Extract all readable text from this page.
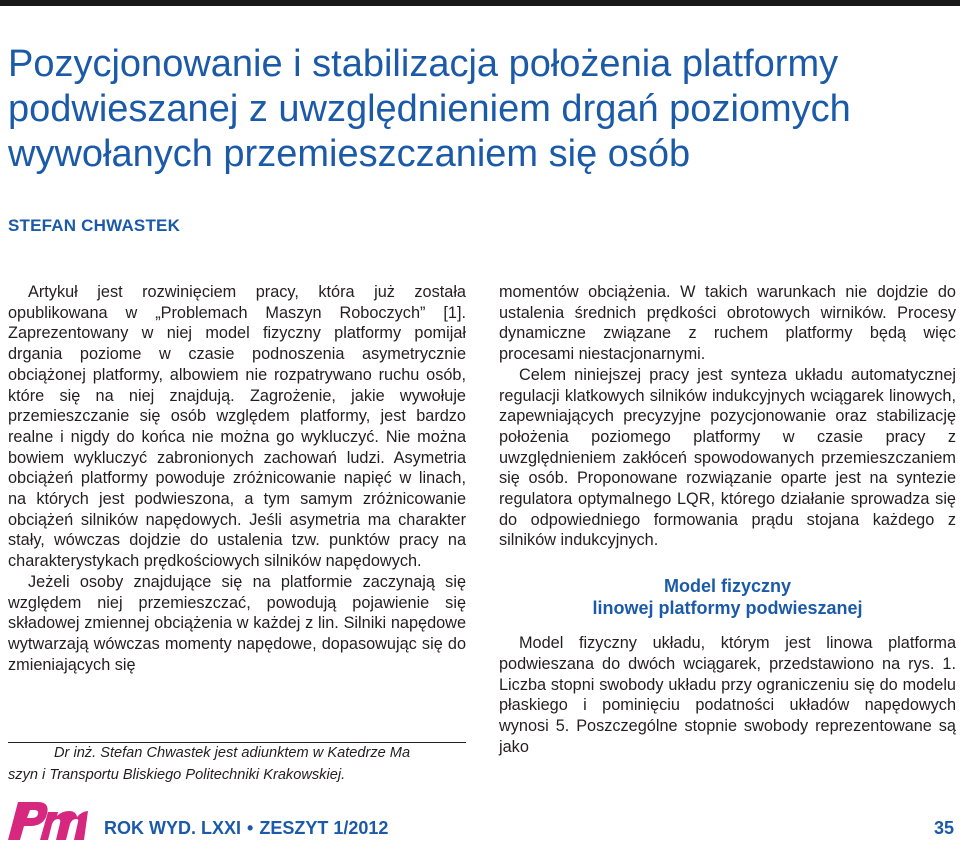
Pozycjonowanie i stabilizacja położenia platformy
podwieszanej z uwzględnieniem drgań poziomych
wywołanych przemieszczaniem się osób
STEFAN CHWASTEK

Artykuł jest rozwinięciem pracy, która już została opublikowana w „Problemach Maszyn Roboczych” [1]. Zaprezentowany w niej model fizyczny platformy pomijał drgania poziome w czasie podnoszenia asymetrycznie obciążonej platformy, albowiem nie rozpatrywano ruchu osób, które się na niej znajdują. Zagrożenie, jakie wywołuje przemieszczanie się osób względem platformy, jest bardzo realne i nigdy do końca nie można go wykluczyć. Nie można bowiem wykluczyć zabronionych zachowań ludzi. Asymetria obciążeń platformy powoduje zróżnicowanie napięć w linach, na których jest podwieszona, a tym samym zróżnicowanie obciążeń silników napędowych. Jeśli asymetria ma charakter stały, wówczas dojdzie do ustalenia tzw. punktów pracy na charakterystykach prędkościowych silników napędowych.

Jeżeli osoby znajdujące się na platformie zaczynają się względem niej przemieszczać, powodują pojawienie się składowej zmiennej obciążenia w każdej z lin. Silniki napędowe wytwarzają wówczas momenty napędowe, dopasowując się do zmieniających się

momentów obciążenia. W takich warunkach nie dojdzie do ustalenia średnich prędkości obrotowych wirników. Procesy dynamiczne związane z ruchem platformy będą więc procesami niestacjonarnymi.

Celem niniejszej pracy jest synteza układu automatycznej regulacji klatkowych silników indukcyjnych wciągarek linowych, zapewniających precyzyjne pozycjonowanie oraz stabilizację położenia poziomego platformy w czasie pracy z uwzględnieniem zakłóceń spowodowanych przemieszczaniem się osób. Proponowane rozwiązanie oparte jest na syntezie regulatora optymalnego LQR, którego działanie sprowadza się do odpowiedniego formowania prądu stojana każdego z silników indukcyjnych.

Model fizyczny
linowej platformy podwieszanej

Model fizyczny układu, którym jest linowa platforma podwieszana do dwóch wciągarek, przedstawiono na rys. 1. Liczba stopni swobody układu przy ograniczeniu się do modelu płaskiego i pominięciu podatności układów napędowych wynosi 5. Poszczególne stopnie swobody reprezentowane są jako

Dr inż. Stefan Chwastek jest adiunktem w Katedrze Ma
szyn i Transportu Bliskiego Politechniki Krakowskiej.
ROK WYD. LXXI • ZESZYT 1/2012	35
